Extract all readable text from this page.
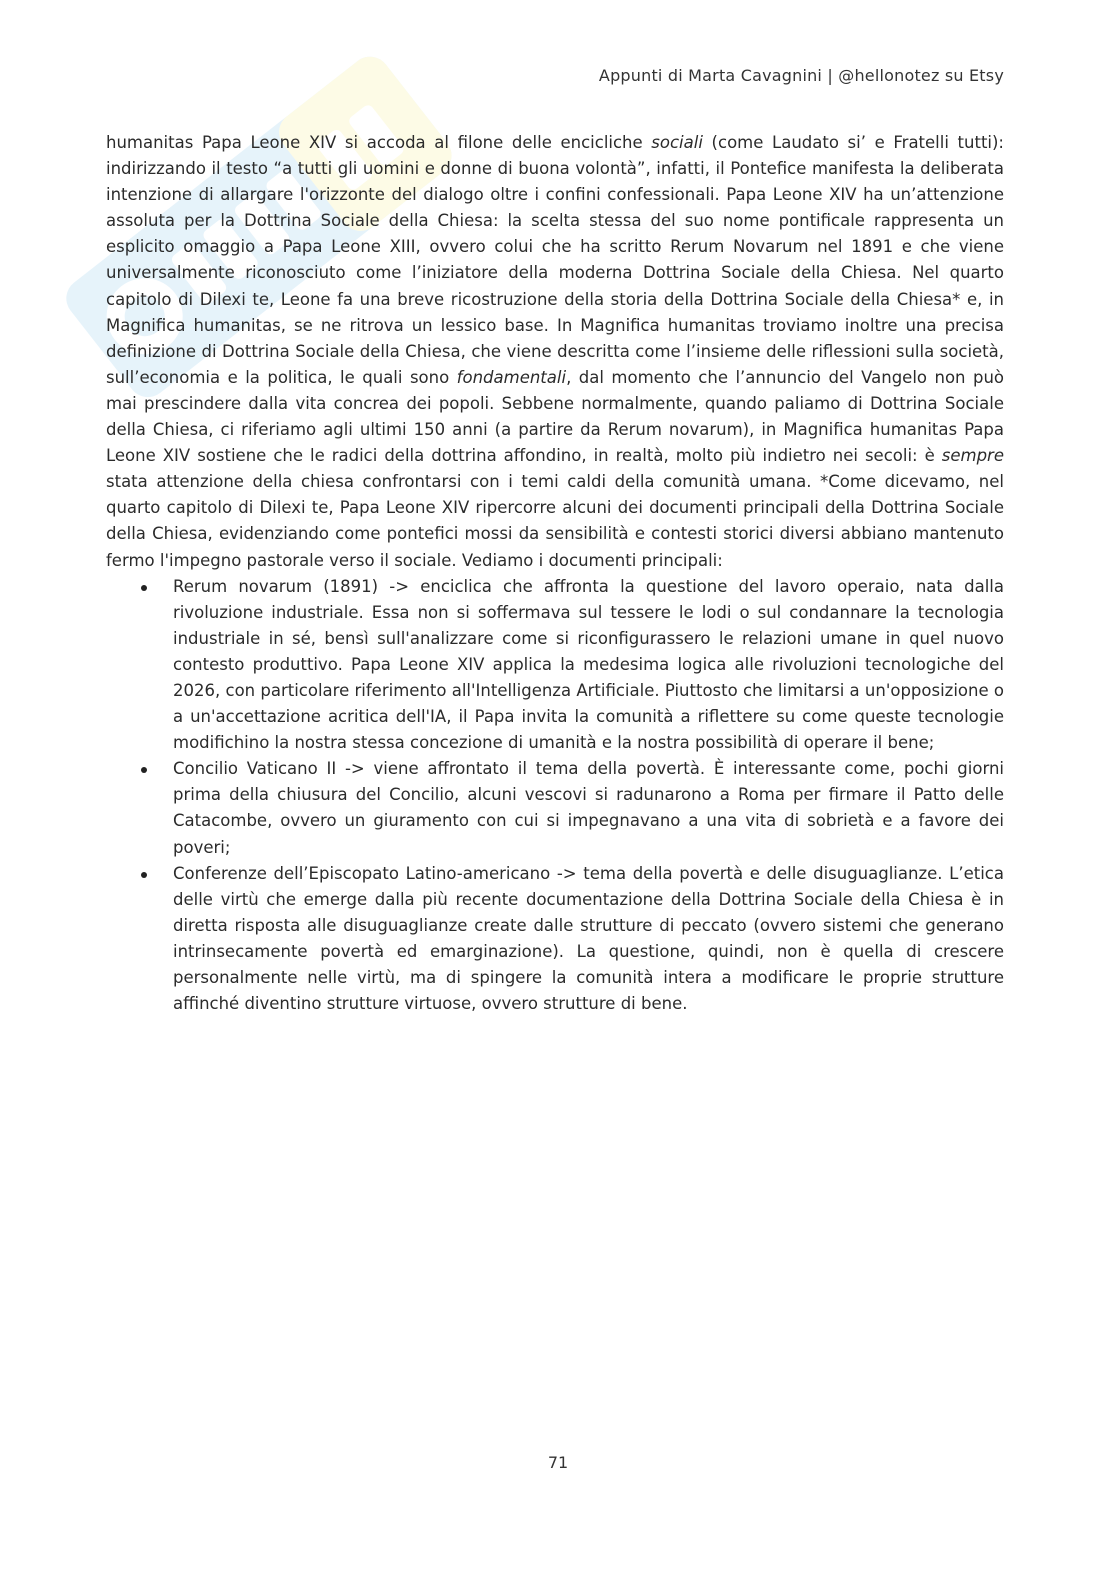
Appunti di Marta Cavagnini | @hellonotez su Etsy

humanitas Papa Leone XIV si accoda al filone delle encicliche sociali (come Laudato si’ e Fratelli tutti): indirizzando il testo “a tutti gli uomini e donne di buona volontà”, infatti, il Pontefice manifesta la deliberata intenzione di allargare l'orizzonte del dialogo oltre i confini confessionali. Papa Leone XIV ha un’attenzione assoluta per la Dottrina Sociale della Chiesa: la scelta stessa del suo nome pontificale rappresenta un esplicito omaggio a Papa Leone XIII, ovvero colui che ha scritto Rerum Novarum nel 1891 e che viene universalmente riconosciuto come l’iniziatore della moderna Dottrina Sociale della Chiesa. Nel quarto capitolo di Dilexi te, Leone fa una breve ricostruzione della storia della Dottrina Sociale della Chiesa* e, in Magnifica humanitas, se ne ritrova un lessico base. In Magnifica humanitas troviamo inoltre una precisa definizione di Dottrina Sociale della Chiesa, che viene descritta come l’insieme delle riflessioni sulla società, sull’economia e la politica, le quali sono fondamentali, dal momento che l’annuncio del Vangelo non può mai prescindere dalla vita concrea dei popoli. Sebbene normalmente, quando paliamo di Dottrina Sociale della Chiesa, ci riferiamo agli ultimi 150 anni (a partire da Rerum novarum), in Magnifica humanitas Papa Leone XIV sostiene che le radici della dottrina affondino, in realtà, molto più indietro nei secoli: è sempre stata attenzione della chiesa confrontarsi con i temi caldi della comunità umana. *Come dicevamo, nel quarto capitolo di Dilexi te, Papa Leone XIV ripercorre alcuni dei documenti principali della Dottrina Sociale della Chiesa, evidenziando come pontefici mossi da sensibilità e contesti storici diversi abbiano mantenuto fermo l'impegno pastorale verso il sociale. Vediamo i documenti principali:

Rerum novarum (1891) -> enciclica che affronta la questione del lavoro operaio, nata dalla rivoluzione industriale. Essa non si soffermava sul tessere le lodi o sul condannare la tecnologia industriale in sé, bensì sull'analizzare come si riconfigurassero le relazioni umane in quel nuovo contesto produttivo. Papa Leone XIV applica la medesima logica alle rivoluzioni tecnologiche del 2026, con particolare riferimento all'Intelligenza Artificiale. Piuttosto che limitarsi a un'opposizione o a un'accettazione acritica dell'IA, il Papa invita la comunità a riflettere su come queste tecnologie modifichino la nostra stessa concezione di umanità e la nostra possibilità di operare il bene;
Concilio Vaticano II -> viene affrontato il tema della povertà. È interessante come, pochi giorni prima della chiusura del Concilio, alcuni vescovi si radunarono a Roma per firmare il Patto delle Catacombe, ovvero un giuramento con cui si impegnavano a una vita di sobrietà e a favore dei poveri;
Conferenze dell’Episcopato Latino-americano -> tema della povertà e delle disuguaglianze. L’etica delle virtù che emerge dalla più recente documentazione della Dottrina Sociale della Chiesa è in diretta risposta alle disuguaglianze create dalle strutture di peccato (ovvero sistemi che generano intrinsecamente povertà ed emarginazione). La questione, quindi, non è quella di crescere personalmente nelle virtù, ma di spingere la comunità intera a modificare le proprie strutture affinché diventino strutture virtuose, ovvero strutture di bene.
71
